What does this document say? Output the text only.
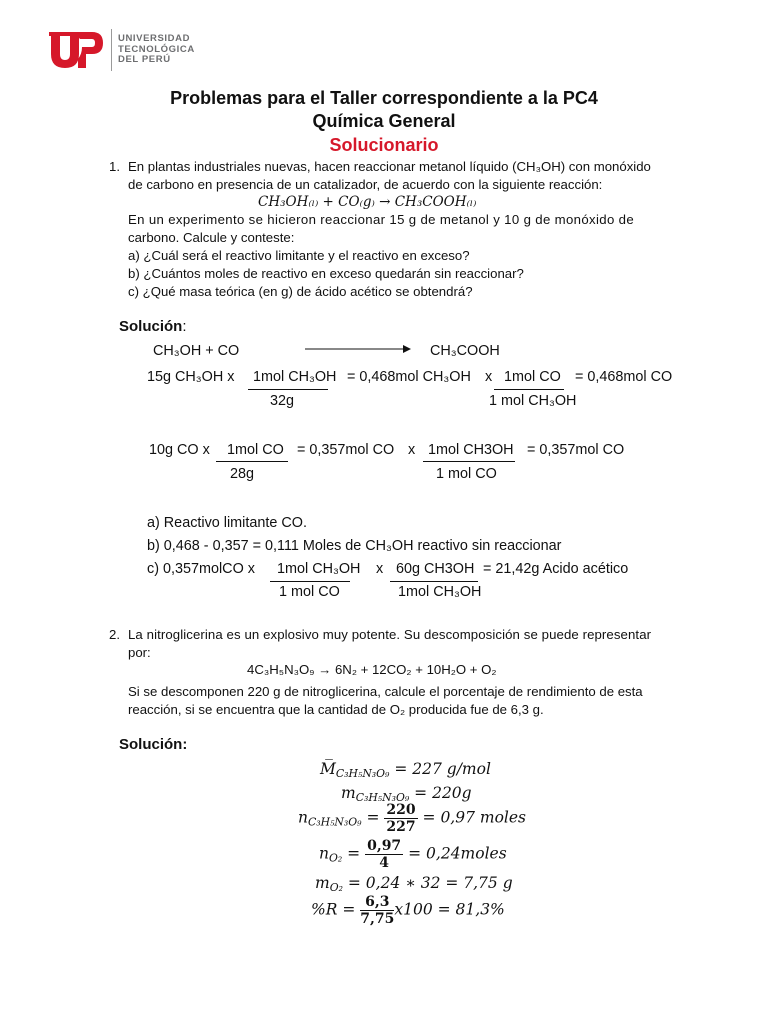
UNIVERSIDAD
TECNOLÓGICA
DEL PERÚ
Problemas para el Taller correspondiente a la PC4
Química General
Solucionario
1. En plantas industriales nuevas, hacen reaccionar metanol líquido (CH₃OH) con monóxido
de carbono en presencia de un catalizador, de acuerdo con la siguiente reacción:
CH₃OH₍ₗ₎ + CO₍g₎ → CH₃COOH₍ₗ₎
En un experimento se hicieron reaccionar 15 g de metanol y 10 g de monóxido de
carbono. Calcule y conteste:
a) ¿Cuál será el reactivo limitante y el reactivo en exceso?
b) ¿Cuántos moles de reactivo en exceso quedarán sin reaccionar?
c) ¿Qué masa teórica (en g) de ácido acético se obtendrá?
Solución:
CH₃OH + CO	CH₃COOH
15g CH₃OH x 1mol CH₃OH = 0,468mol CH₃OH x 1mol CO = 0,468mol CO
32g	1 mol CH₃OH
10g CO x 1mol CO = 0,357mol CO x 1mol CH3OH = 0,357mol CO
28g	1 mol CO
a) Reactivo limitante CO.
b) 0,468 - 0,357 = 0,111 Moles de CH₃OH reactivo sin reaccionar
c) 0,357molCO x 1mol CH₃OH x 60g CH3OH = 21,42g Acido acético
1 mol CO	1mol CH₃OH
2. La nitroglicerina es un explosivo muy potente. Su descomposición se puede representar
por:
4C₃H₅N₃O₉ → 6N₂ + 12CO₂ + 10H₂O + O₂
Si se descomponen 220 g de nitroglicerina, calcule el porcentaje de rendimiento de esta
reacción, si se encuentra que la cantidad de O₂ producida fue de 6,3 g.
Solución:
$M̅_{C_3H_5N_3O_9} = 227$ g/mol
$m_{C_3H_5N_3O_9} = 220g$
$n_{C_3H_5N_3O_9} = \frac{220}{227} = 0,97$ moles
$n_{O_2} = \frac{0,97}{4}$ = 0,24moles
$m_{O_2} = 0,24$ ∗ 32 = 7,75 g
$\%R = \frac{6,3}{7,75} x100 = 81,3\%$
